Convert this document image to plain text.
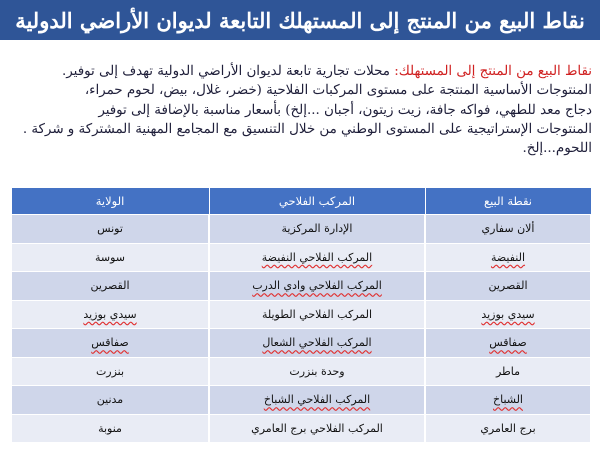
نقاط البيع من المنتج إلى المستهلك التابعة لديوان الأراضي الدولية
نقاط البيع من المنتج إلى المستهلك: محلات تجارية تابعة لديوان الأراضي الدولية تهدف إلى توفير.
المنتوجات الأساسية المنتجة على مستوى المركبات الفلاحية (خضر، غلال، بيض، لحوم حمراء،
دجاج معد للطهي، فواكه جافة، زيت زيتون، أجبان ...إلخ) بأسعار مناسبة بالإضافة إلى توفير
المنتوجات الإستراتيجية على المستوى الوطني من خلال التنسيق مع المجامع المهنية المشتركة و شركة .
اللحوم...إلخ.
نقطة البيع	المركب الفلاحي	الولاية
ألان سفاري	الإدارة المركزية	تونس
النفيضة	المركب الفلاحي النفيضة	سوسة
القصرين	المركب الفلاحي وادي الدرب	القصرين
سيدي بوزيد	المركب الفلاحي الطويلة	سيدي بوزيد
صفاقس	المركب الفلاحي الشعال	صفاقس
ماطر	وحدة بنزرت	بنزرت
الشباخ	المركب الفلاحي الشباخ	مدنين
برج العامري	المركب الفلاحي برج العامري	منوبة
